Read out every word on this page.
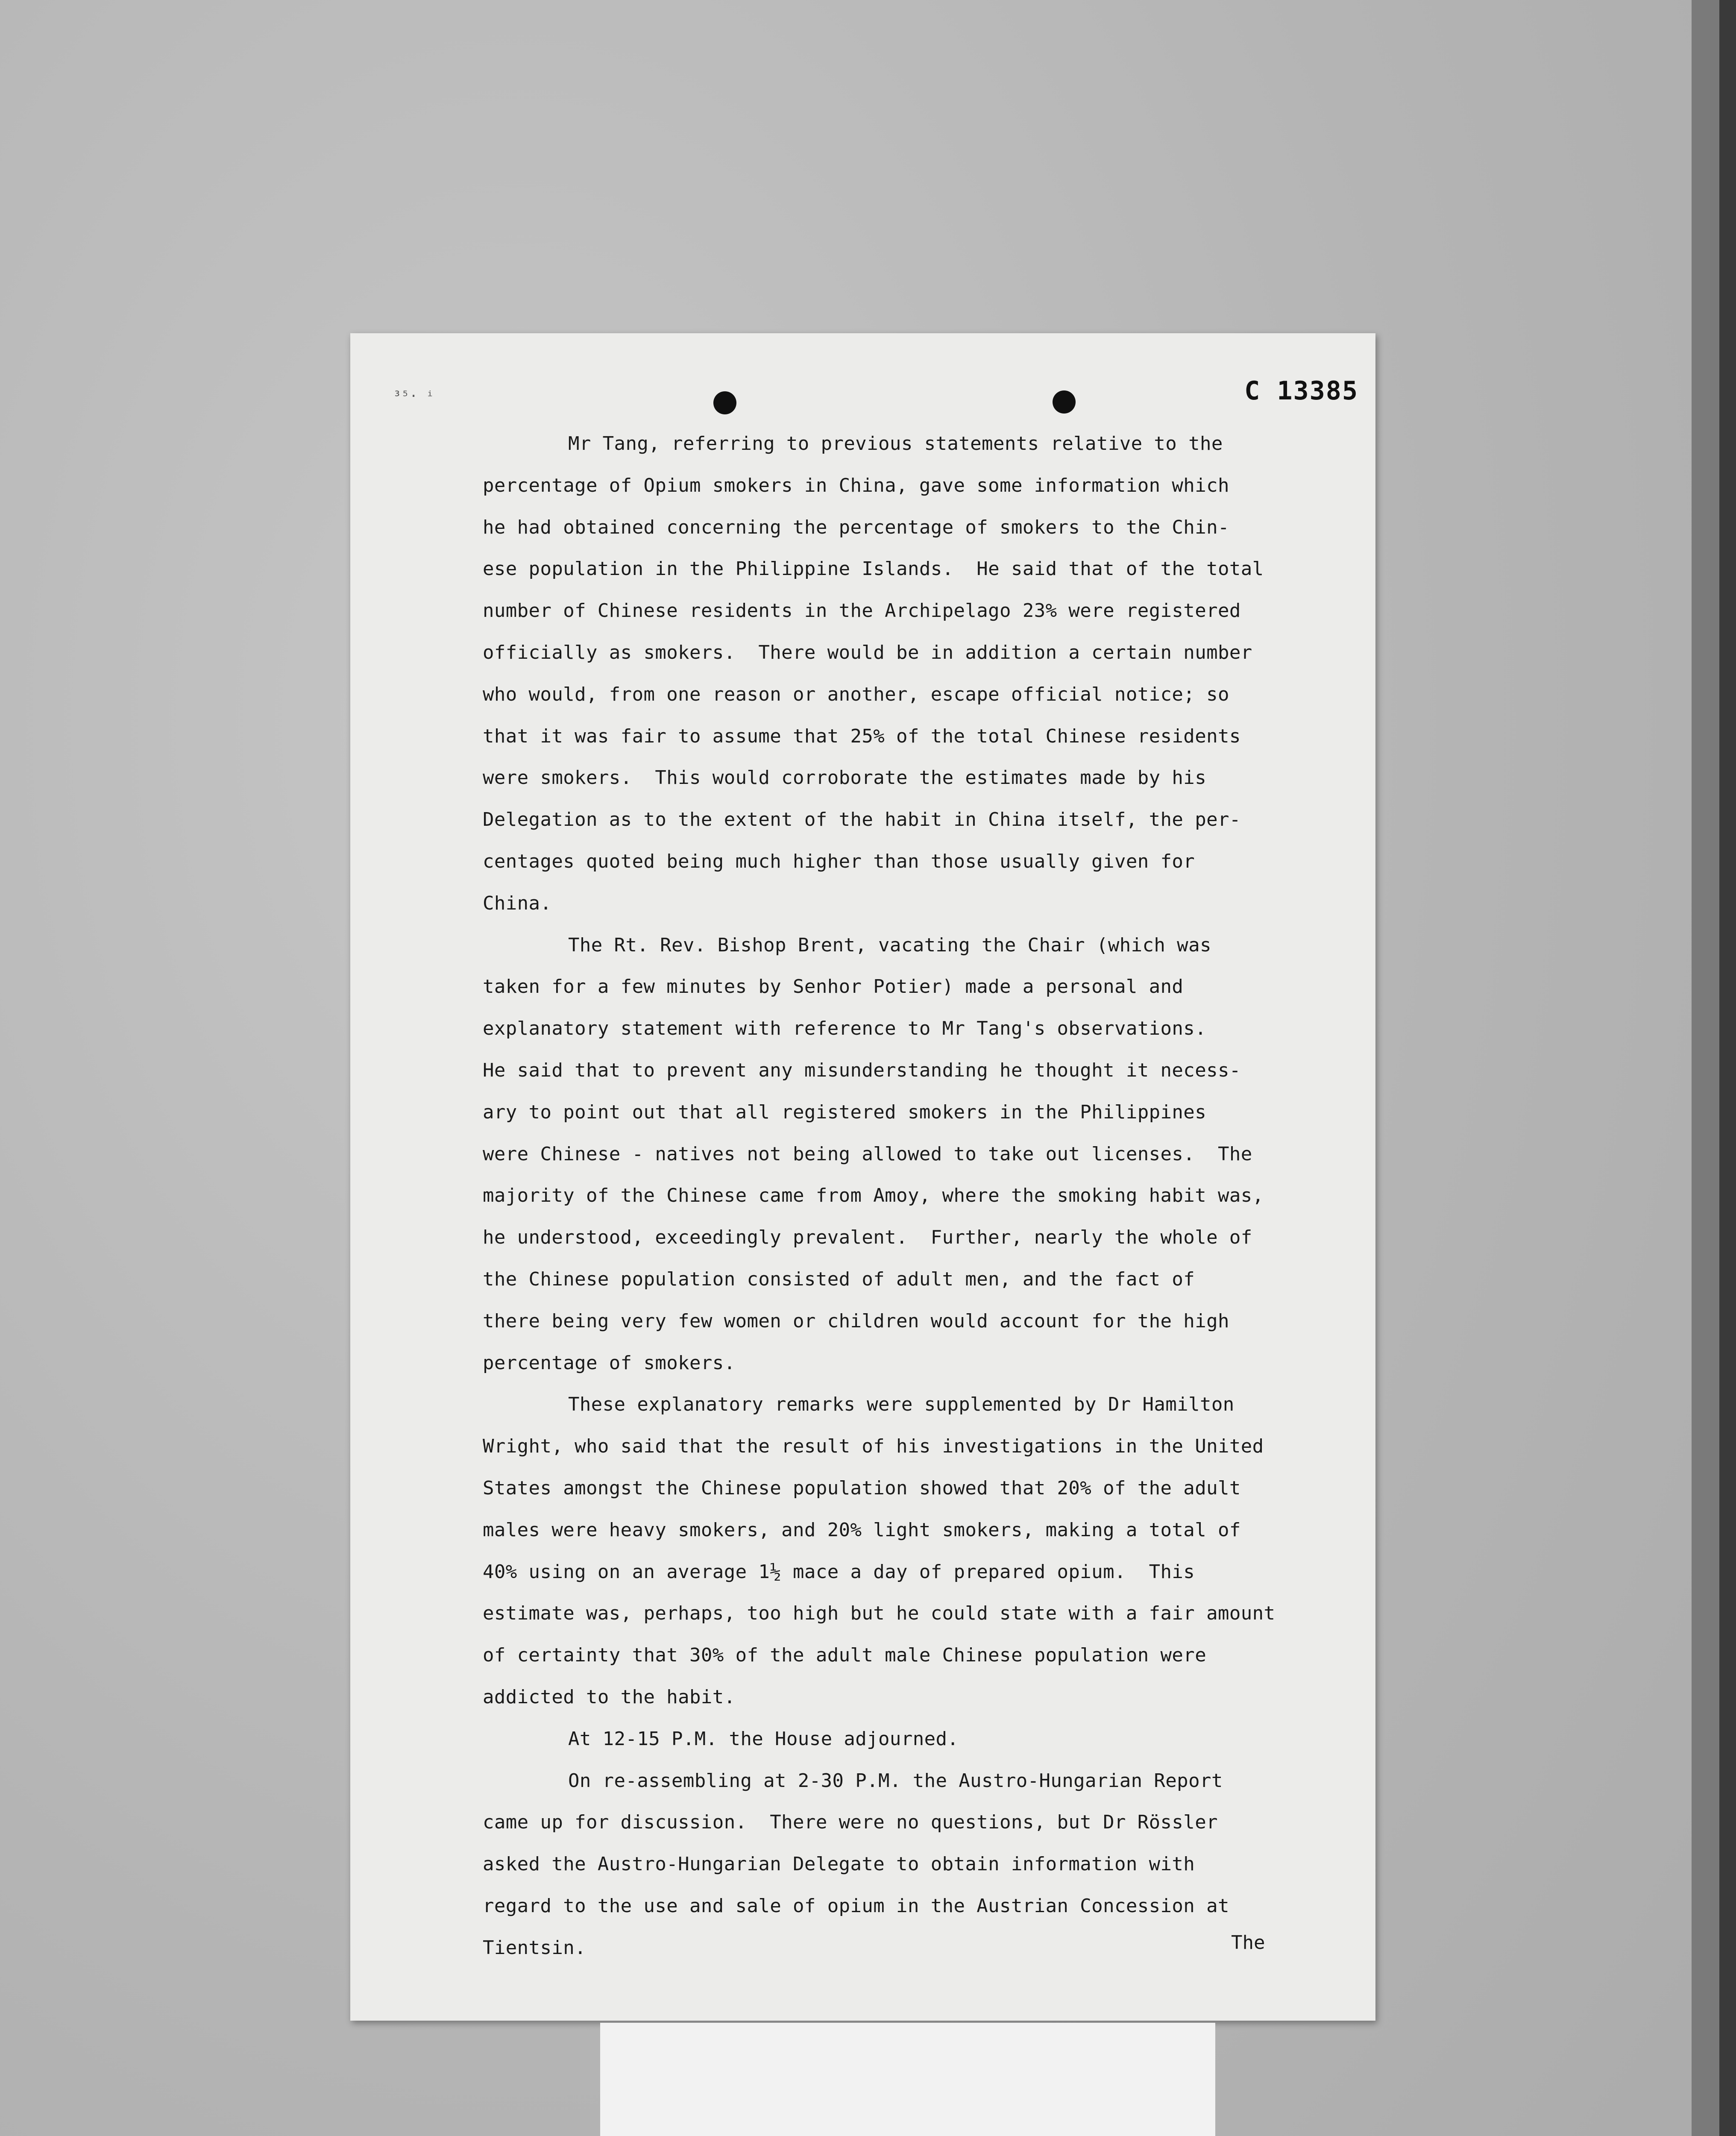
C 13385
³⁵· ⁱ
Mr Tang, referring to previous statements relative to the
percentage of Opium smokers in China, gave some information which
he had obtained concerning the percentage of smokers to the Chin-
ese population in the Philippine Islands.  He said that of the total
number of Chinese residents in the Archipelago 23% were registered
officially as smokers.  There would be in addition a certain number
who would, from one reason or another, escape official notice; so
that it was fair to assume that 25% of the total Chinese residents
were smokers.  This would corroborate the estimates made by his
Delegation as to the extent of the habit in China itself, the per-
centages quoted being much higher than those usually given for
China.
The Rt. Rev. Bishop Brent, vacating the Chair (which was
taken for a few minutes by Senhor Potier) made a personal and
explanatory statement with reference to Mr Tang's observations.
He said that to prevent any misunderstanding he thought it necess-
ary to point out that all registered smokers in the Philippines
were Chinese - natives not being allowed to take out licenses.  The
majority of the Chinese came from Amoy, where the smoking habit was,
he understood, exceedingly prevalent.  Further, nearly the whole of
the Chinese population consisted of adult men, and the fact of
there being very few women or children would account for the high
percentage of smokers.
These explanatory remarks were supplemented by Dr Hamilton
Wright, who said that the result of his investigations in the United
States amongst the Chinese population showed that 20% of the adult
males were heavy smokers, and 20% light smokers, making a total of
40% using on an average 1½ mace a day of prepared opium.  This
estimate was, perhaps, too high but he could state with a fair amount
of certainty that 30% of the adult male Chinese population were
addicted to the habit.
At 12-15 P.M. the House adjourned.
On re-assembling at 2-30 P.M. the Austro-Hungarian Report
came up for discussion.  There were no questions, but Dr Rössler
asked the Austro-Hungarian Delegate to obtain information with
regard to the use and sale of opium in the Austrian Concession at
Tientsin.	The
